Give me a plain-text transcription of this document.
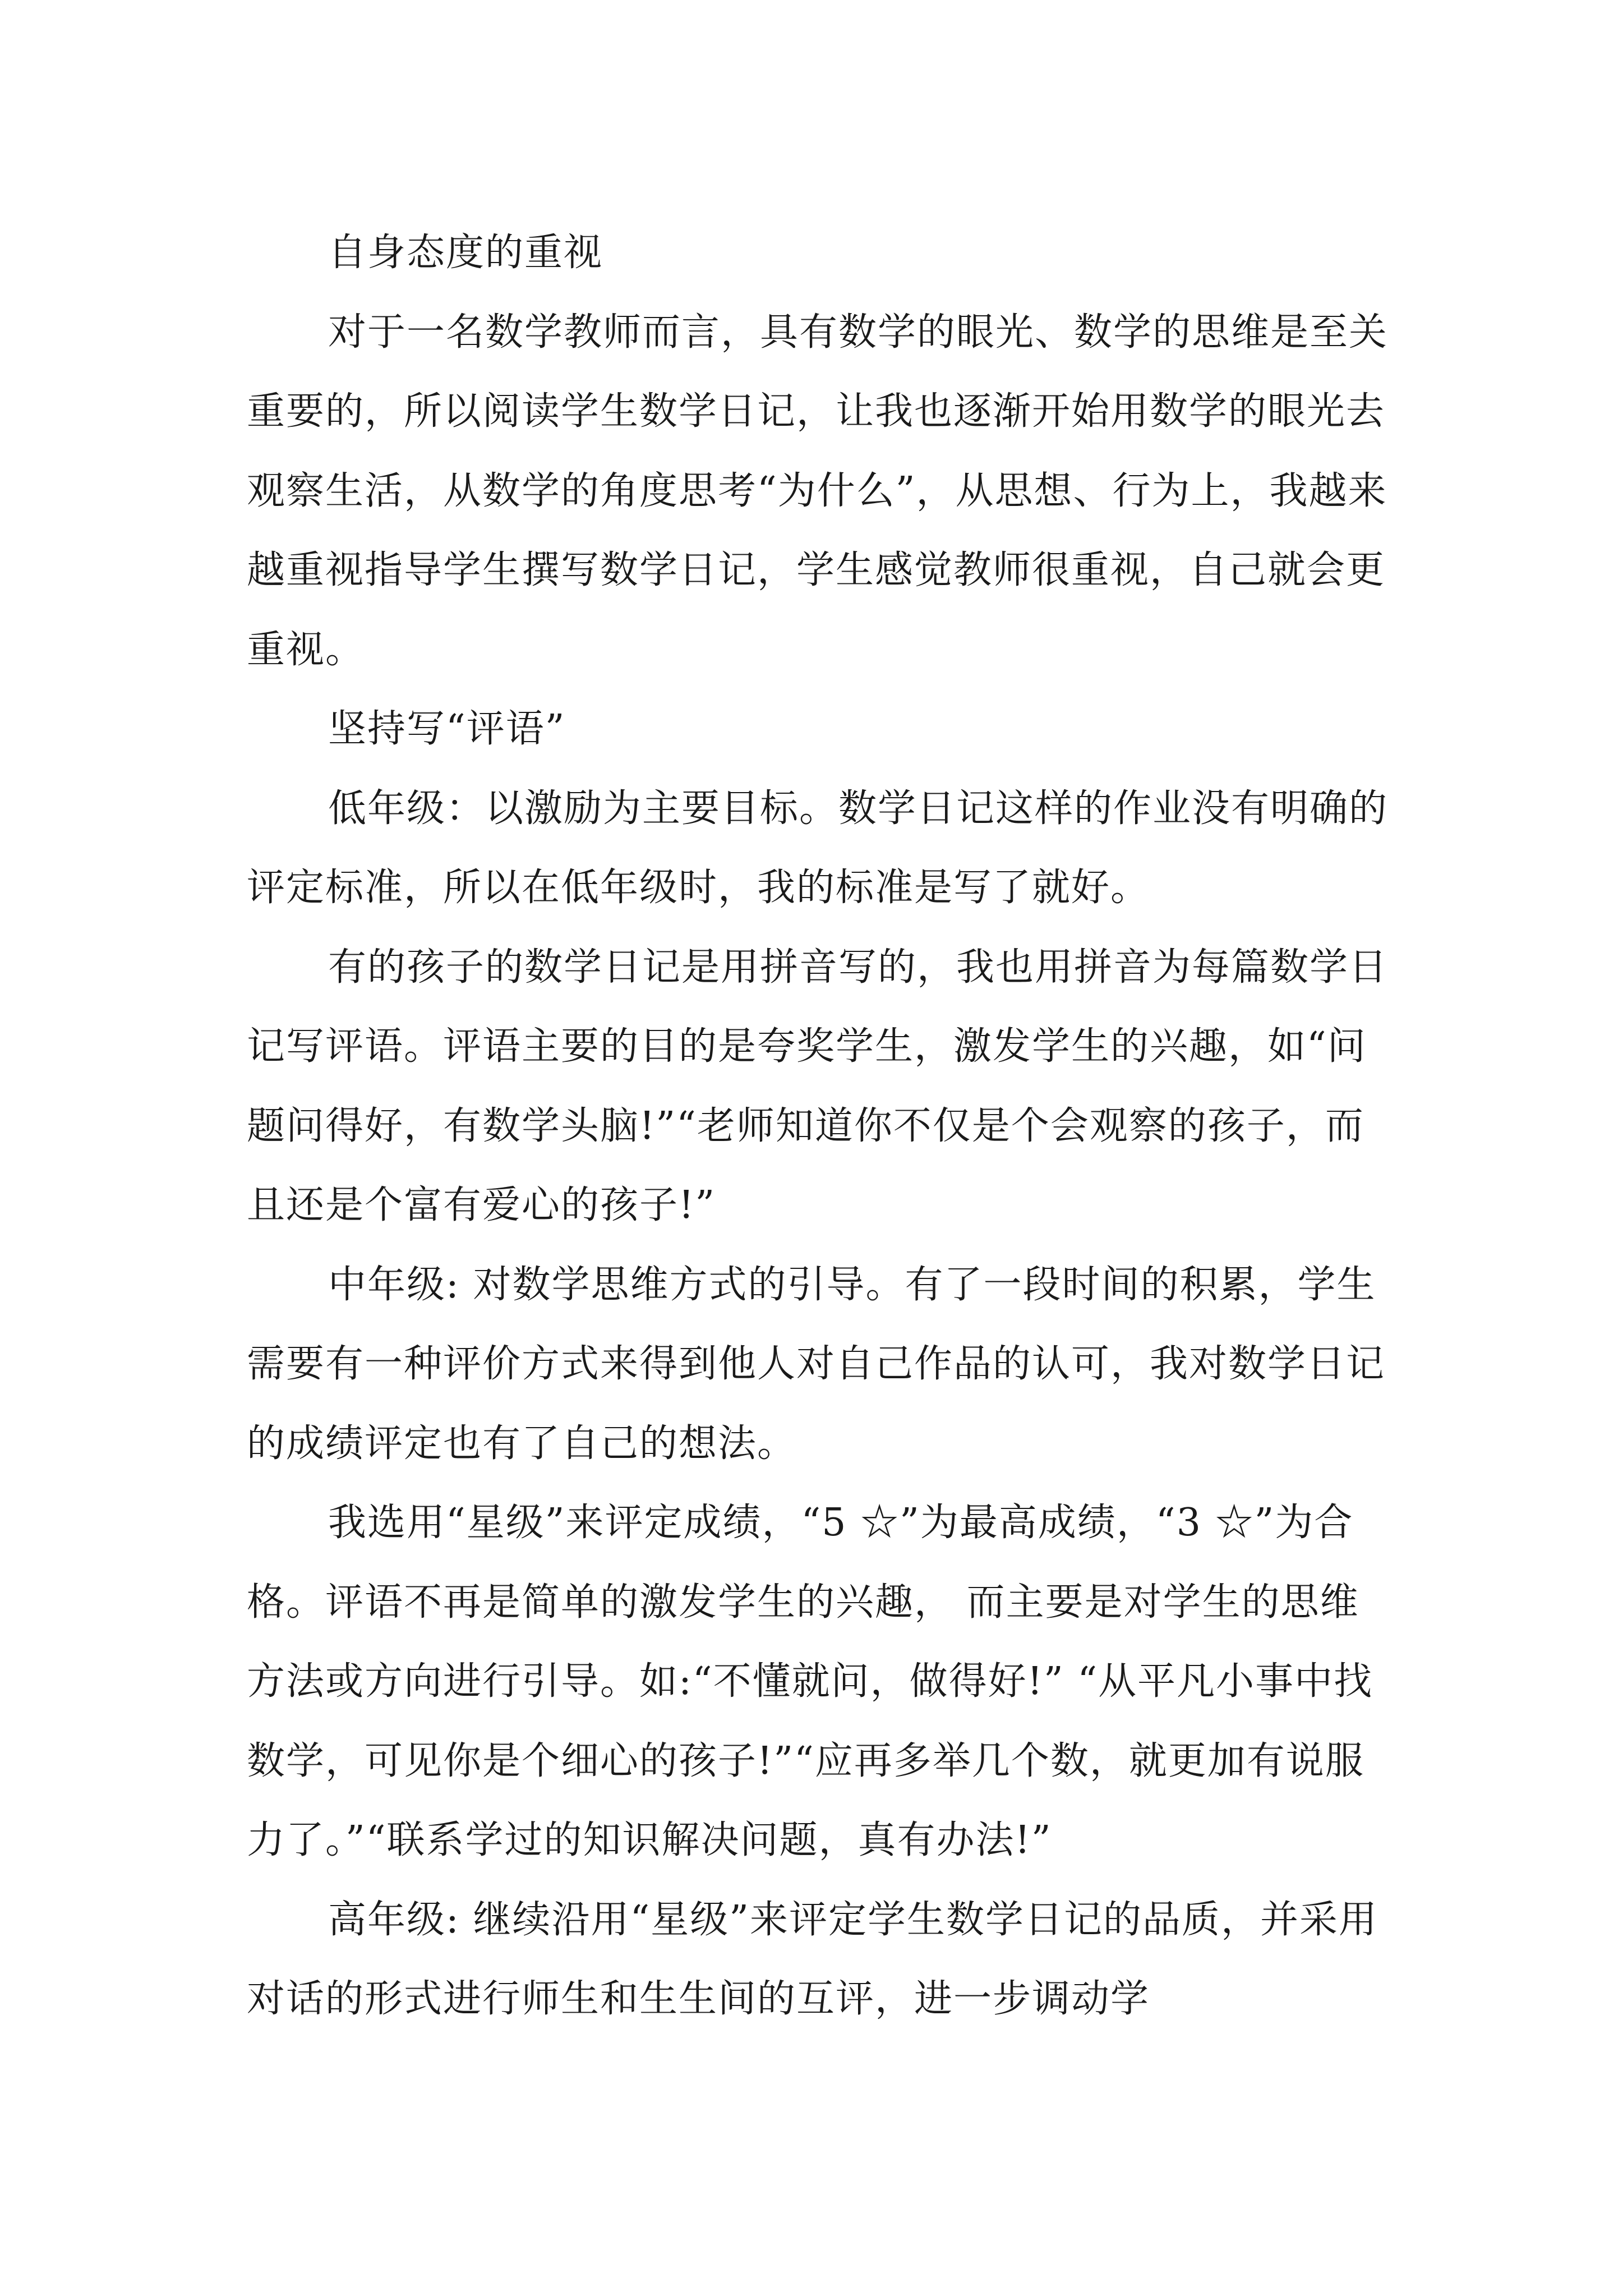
自身态度的重视

对于一名数学教师而言，具有数学的眼光、数学的思维是至关重要的，所以阅读学生数学日记，让我也逐渐开始用数学的眼光去观察生活，从数学的角度思考“为什么”，从思想、行为上，我越来越重视指导学生撰写数学日记，学生感觉教师很重视，自己就会更重视。

坚持写“评语”

低年级：以激励为主要目标。数学日记这样的作业没有明确的评定标准，所以在低年级时，我的标准是写了就好。

有的孩子的数学日记是用拼音写的，我也用拼音为每篇数学日记写评语。评语主要的目的是夸奖学生，激发学生的兴趣，如“问题问得好，有数学头脑!”“老师知道你不仅是个会观察的孩子，而且还是个富有爱心的孩子!”

中年级: 对数学思维方式的引导。有了一段时间的积累，学生需要有一种评价方式来得到他人对自己作品的认可，我对数学日记的成绩评定也有了自己的想法。

我选用“星级”来评定成绩，“5 ☆”为最高成绩，“3 ☆”为合格。评语不再是简单的激发学生的兴趣， 而主要是对学生的思维方法或方向进行引导。如:“不懂就问，做得好!” “从平凡小事中找数学，可见你是个细心的孩子!”“应再多举几个数，就更加有说服力了。”“联系学过的知识解决问题，真有办法!”

高年级: 继续沿用“星级”来评定学生数学日记的品质，并采用对话的形式进行师生和生生间的互评，进一步调动学
